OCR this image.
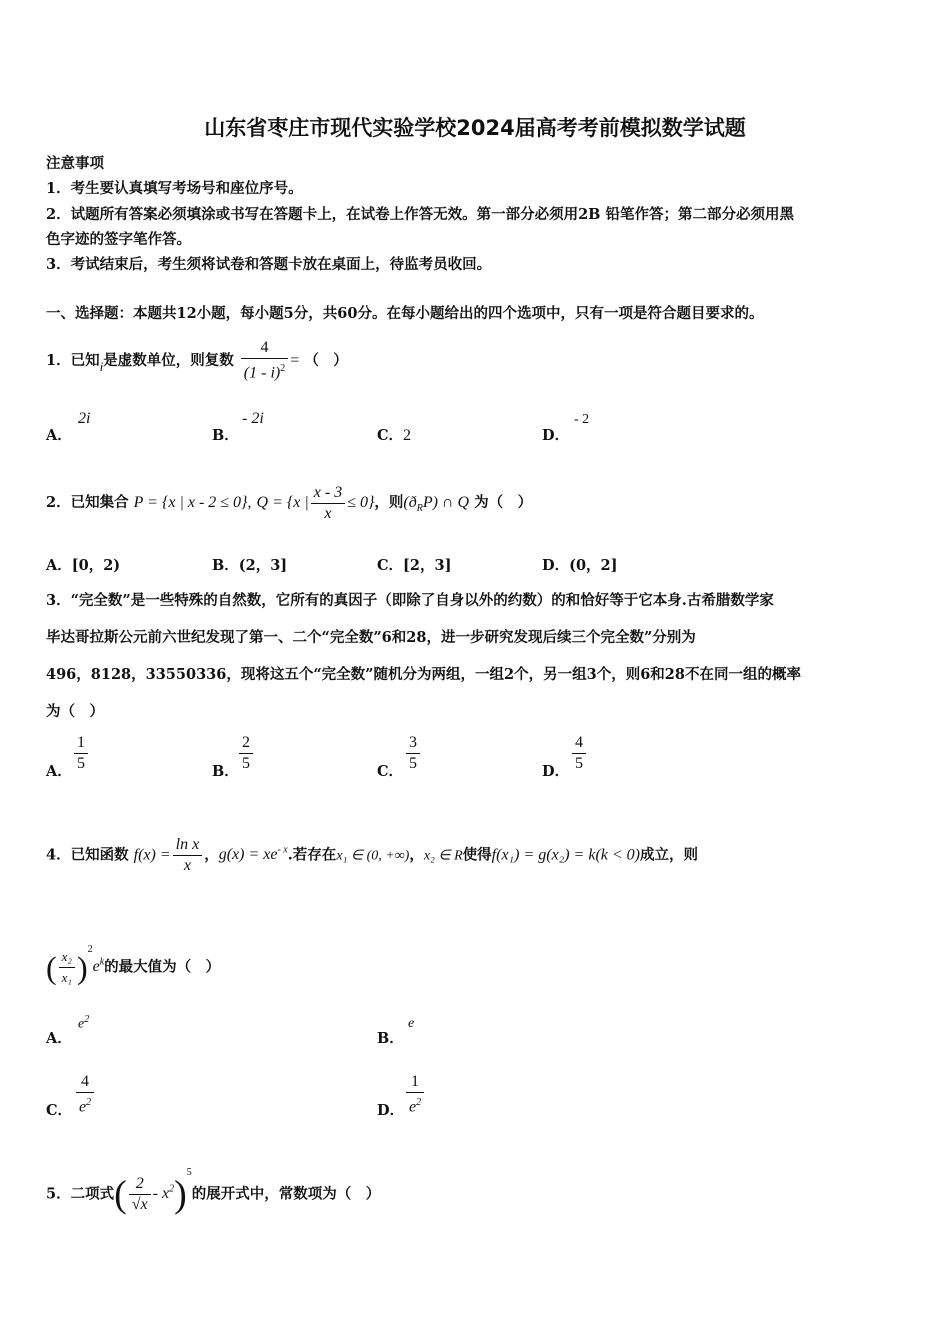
山东省枣庄市现代实验学校2024届高考考前模拟数学试题
注意事项
1．考生要认真填写考场号和座位序号。
2．试题所有答案必须填涂或书写在答题卡上，在试卷上作答无效。第一部分必须用2B 铅笔作答；第二部分必须用黑
色字迹的签字笔作答。
3．考试结束后，考生须将试卷和答题卡放在桌面上，待监考员收回。
一、选择题：本题共12小题，每小题5分，共60分。在每小题给出的四个选项中，只有一项是符合题目要求的。
1．已知i是虚数单位，则复数 $\frac{4}{(1 - i)^2}$ = （　）
A．
2i
B．
- 2i
C．2	D．
- 2
2．已知集合 P = {x | x - 2 ≤ 0}, Q = {x | $\frac{x - 3}{x} \le 0$}，则$(ð_RP)$ ∩ Q 为（　）
A．[0，2)	B．(2，3]	C．[2，3]	D．(0，2]
3．“完全数”是一些特殊的自然数，它所有的真因子（即除了自身以外的约数）的和恰好等于它本身.古希腊数学家
毕达哥拉斯公元前六世纪发现了第一、二个“完全数”6和28，进一步研究发现后续三个完全数”分别为
496，8128，33550336，现将这五个“完全数”随机分为两组，一组2个，另一组3个，则6和28不在同一组的概率
为（　）
A． $\frac{1}{5}$	B． $\frac{2}{5}$	C． $\frac{3}{5}$	D． $\frac{4}{5}$
4．已知函数 $f(x) = \frac{\text{ln x}}{x}$ ，$g(x) = xe^{- x}$.若存在x₁ ∈ (0, +∞)，x₂ ∈ R使得f(x₁) = g(x₂) = k(k < 0)成立，则
( $\frac{\text{x₂}}{\text{x₁}} )^2e^k$的最大值为（　）
A．
$e^2$
B．
e
C． $\frac{4}{e^2}$	D． $\frac{1}{e^2}$
5．二项式( $\frac{2}{√x} - x^2)^5$的展开式中，常数项为（　）
